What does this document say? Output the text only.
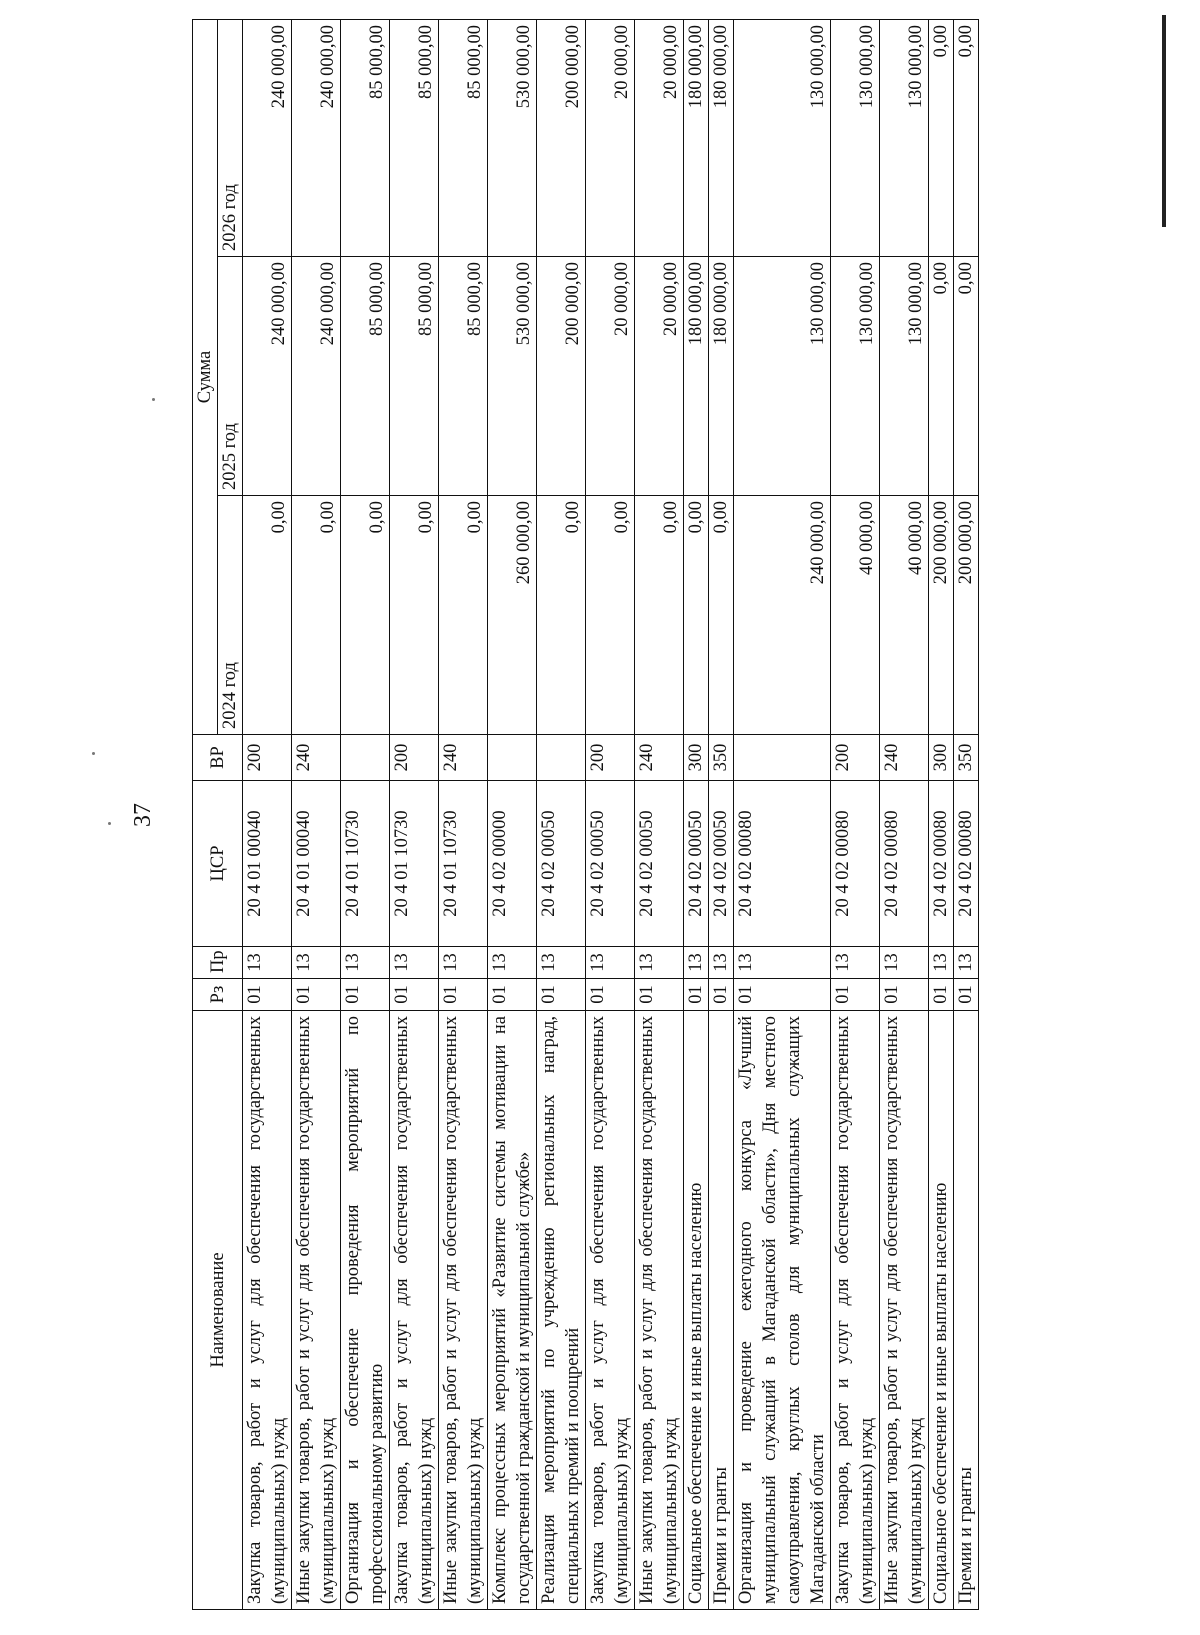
37
Наименование	Рз	Пр	ЦСР	ВР	Сумма		
					2024 год	2025 год	2026 год
Закупка товаров, работ и услуг для обеспечения государственных (муниципальных) нужд	01	13	20 4 01 00040	200	0,00	240 000,00	240 000,00
Иные закупки товаров, работ и услуг для обеспечения государственных (муниципальных) нужд	01	13	20 4 01 00040	240	0,00	240 000,00	240 000,00
Организация и обеспечение проведения мероприятий по профессиональному развитию	01	13	20 4 01 10730		0,00	85 000,00	85 000,00
Закупка товаров, работ и услуг для обеспечения государственных (муниципальных) нужд	01	13	20 4 01 10730	200	0,00	85 000,00	85 000,00
Иные закупки товаров, работ и услуг для обеспечения государственных (муниципальных) нужд	01	13	20 4 01 10730	240	0,00	85 000,00	85 000,00
Комплекс процессных мероприятий «Развитие системы мотивации на государственной гражданской и муниципальной службе»	01	13	20 4 02 00000		260 000,00	530 000,00	530 000,00
Реализация мероприятий по учреждению региональных наград, специальных премий и поощрений	01	13	20 4 02 00050		0,00	200 000,00	200 000,00
Закупка товаров, работ и услуг для обеспечения государственных (муниципальных) нужд	01	13	20 4 02 00050	200	0,00	20 000,00	20 000,00
Иные закупки товаров, работ и услуг для обеспечения государственных (муниципальных) нужд	01	13	20 4 02 00050	240	0,00	20 000,00	20 000,00
Социальное обеспечение и иные выплаты населению	01	13	20 4 02 00050	300	0,00	180 000,00	180 000,00
Премии и гранты	01	13	20 4 02 00050	350	0,00	180 000,00	180 000,00
Организация и проведение ежегодного конкурса «Лучший муниципальный служащий в Магаданской области», Дня местного самоуправления, круглых столов для муниципальных служащих Магаданской области	01	13	20 4 02 00080		240 000,00	130 000,00	130 000,00
Закупка товаров, работ и услуг для обеспечения государственных (муниципальных) нужд	01	13	20 4 02 00080	200	40 000,00	130 000,00	130 000,00
Иные закупки товаров, работ и услуг для обеспечения государственных (муниципальных) нужд	01	13	20 4 02 00080	240	40 000,00	130 000,00	130 000,00
Социальное обеспечение и иные выплаты населению	01	13	20 4 02 00080	300	200 000,00	0,00	0,00
Премии и гранты	01	13	20 4 02 00080	350	200 000,00	0,00	0,00
